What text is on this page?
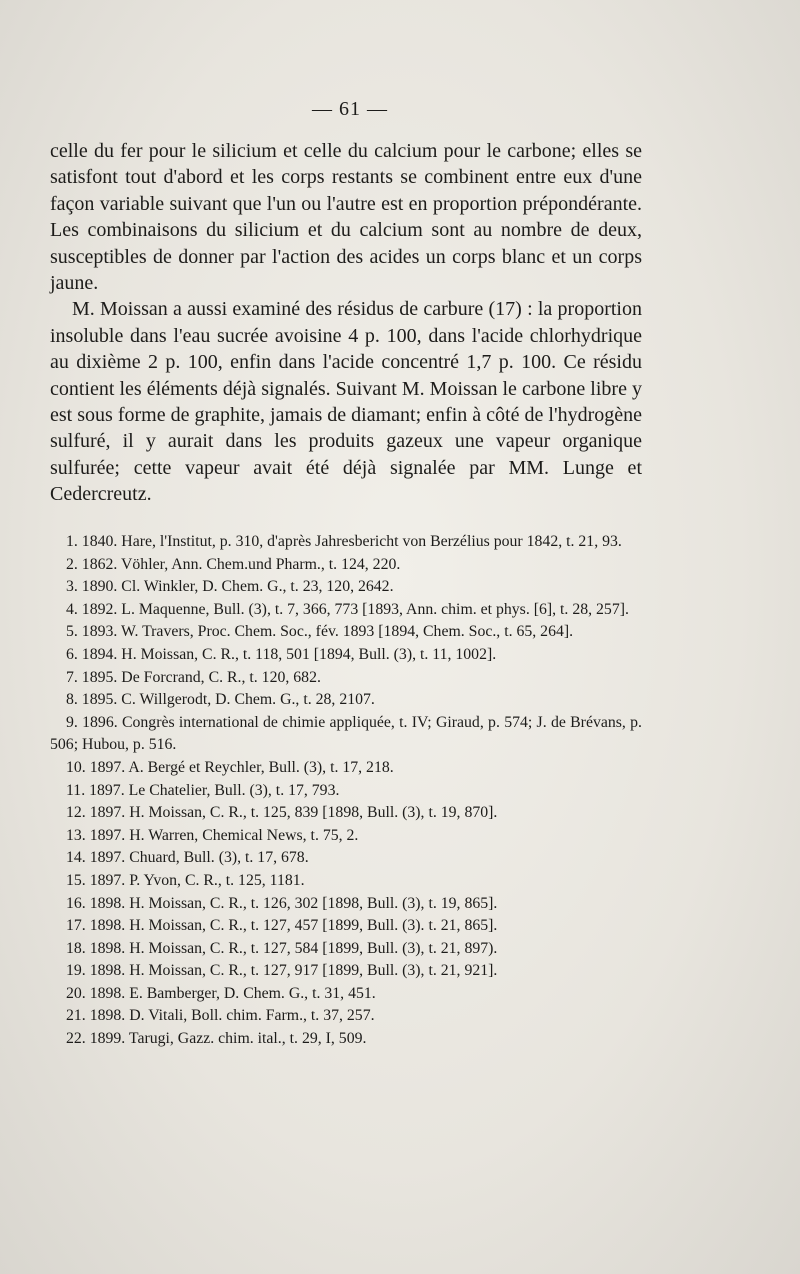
— 61 —

celle du fer pour le silicium et celle du calcium pour le carbone; elles se satisfont tout d'abord et les corps restants se combinent entre eux d'une façon variable suivant que l'un ou l'autre est en proportion prépondérante. Les combinaisons du silicium et du calcium sont au nombre de deux, susceptibles de donner par l'action des acides un corps blanc et un corps jaune.

M. Moissan a aussi examiné des résidus de carbure (17) : la proportion insoluble dans l'eau sucrée avoisine 4 p. 100, dans l'acide chlorhydrique au dixième 2 p. 100, enfin dans l'acide concentré 1,7 p. 100. Ce résidu contient les éléments déjà signalés. Suivant M. Moissan le carbone libre y est sous forme de graphite, jamais de diamant; enfin à côté de l'hydrogène sulfuré, il y aurait dans les produits gazeux une vapeur organique sulfurée; cette vapeur avait été déjà signalée par MM. Lunge et Cedercreutz.

1. 1840. Hare, l'Institut, p. 310, d'après Jahresbericht von Berzélius pour 1842, t. 21, 93.

2. 1862. Vöhler, Ann. Chem.und Pharm., t. 124, 220.

3. 1890. Cl. Winkler, D. Chem. G., t. 23, 120, 2642.

4. 1892. L. Maquenne, Bull. (3), t. 7, 366, 773 [1893, Ann. chim. et phys. [6], t. 28, 257].

5. 1893. W. Travers, Proc. Chem. Soc., fév. 1893 [1894, Chem. Soc., t. 65, 264].

6. 1894. H. Moissan, C. R., t. 118, 501 [1894, Bull. (3), t. 11, 1002].

7. 1895. De Forcrand, C. R., t. 120, 682.

8. 1895. C. Willgerodt, D. Chem. G., t. 28, 2107.

9. 1896. Congrès international de chimie appliquée, t. IV; Giraud, p. 574; J. de Brévans, p. 506; Hubou, p. 516.

10. 1897. A. Bergé et Reychler, Bull. (3), t. 17, 218.

11. 1897. Le Chatelier, Bull. (3), t. 17, 793.

12. 1897. H. Moissan, C. R., t. 125, 839 [1898, Bull. (3), t. 19, 870].

13. 1897. H. Warren, Chemical News, t. 75, 2.

14. 1897. Chuard, Bull. (3), t. 17, 678.

15. 1897. P. Yvon, C. R., t. 125, 1181.

16. 1898. H. Moissan, C. R., t. 126, 302 [1898, Bull. (3), t. 19, 865].

17. 1898. H. Moissan, C. R., t. 127, 457 [1899, Bull. (3). t. 21, 865].

18. 1898. H. Moissan, C. R., t. 127, 584 [1899, Bull. (3), t. 21, 897).

19. 1898. H. Moissan, C. R., t. 127, 917 [1899, Bull. (3), t. 21, 921].

20. 1898. E. Bamberger, D. Chem. G., t. 31, 451.

21. 1898. D. Vitali, Boll. chim. Farm., t. 37, 257.

22. 1899. Tarugi, Gazz. chim. ital., t. 29, I, 509.
